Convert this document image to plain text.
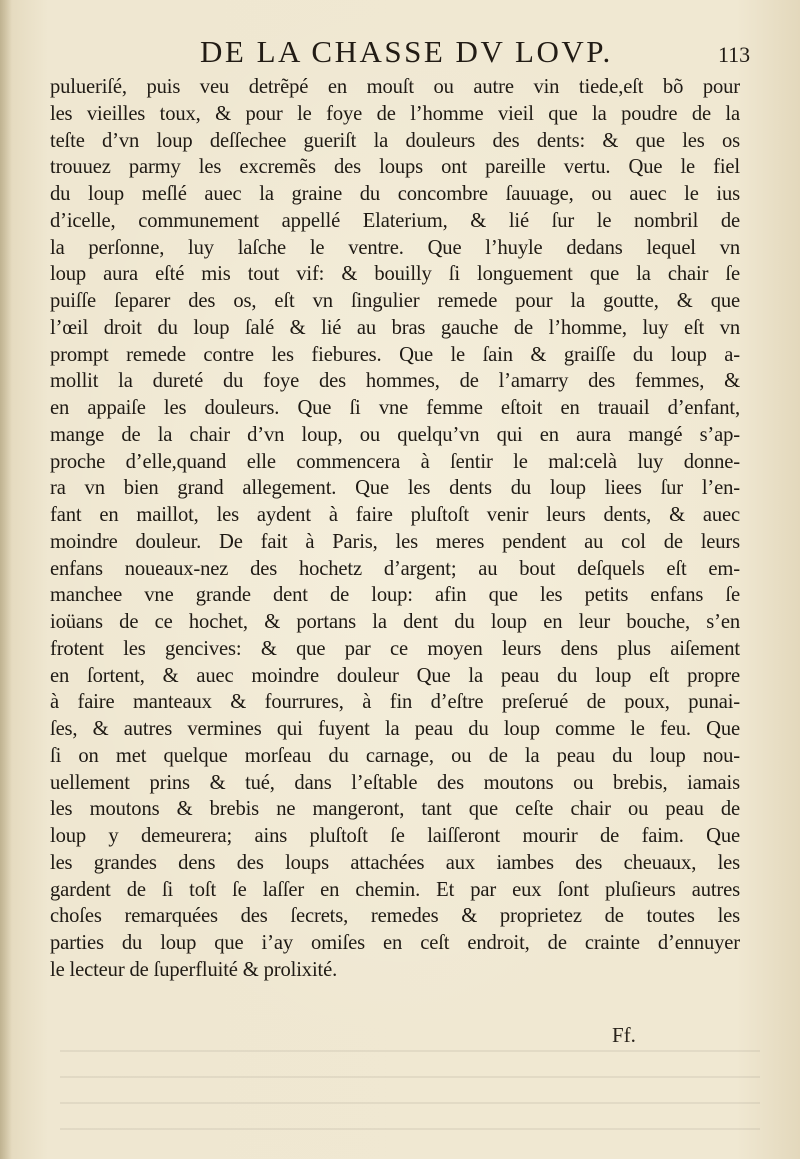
DE LA CHASSE DV LOVP.	113
pulueriſé, puis veu detrẽpé en mouſt ou autre vin tiede,eſt bõ pour
les vieilles toux, & pour le foye de l’homme vieil que la poudre de la
teſte d’vn loup deſſechee gueriſt la douleurs des dents: & que les os
trouuez parmy les excremẽs des loups ont pareille vertu. Que le fiel
du loup meſlé auec la graine du concombre ſauuage, ou auec le ius
d’icelle, communement appellé Elaterium, & lié ſur le nombril de
la perſonne, luy laſche le ventre. Que l’huyle dedans lequel vn
loup aura eſté mis tout vif: & bouilly ſi longuement que la chair ſe
puiſſe ſeparer des os, eſt vn ſingulier remede pour la goutte, & que
l’œil droit du loup ſalé & lié au bras gauche de l’homme, luy eſt vn
prompt remede contre les fiebures. Que le ſain & graiſſe du loup a-
mollit la dureté du foye des hommes, de l’amarry des femmes, &
en appaiſe les douleurs. Que ſi vne femme eſtoit en trauail d’enfant,
mange de la chair d’vn loup, ou quelqu’vn qui en aura mangé s’ap-
proche d’elle,quand elle commencera à ſentir le mal:celà luy donne-
ra vn bien grand allegement. Que les dents du loup liees ſur l’en-
fant en maillot, les aydent à faire pluſtoſt venir leurs dents, & auec
moindre douleur. De fait à Paris, les meres pendent au col de leurs
enfans noueaux-nez des hochetz d’argent; au bout deſquels eſt em-
manchee vne grande dent de loup: afin que les petits enfans ſe
ioüans de ce hochet, & portans la dent du loup en leur bouche, s’en
frotent les gencives: & que par ce moyen leurs dens plus aiſement
en ſortent, & auec moindre douleur Que la peau du loup eſt propre
à faire manteaux & fourrures, à fin d’eſtre preſerué de poux, punai-
ſes, & autres vermines qui fuyent la peau du loup comme le feu. Que
ſi on met quelque morſeau du carnage, ou de la peau du loup nou-
uellement prins & tué, dans l’eſtable des moutons ou brebis, iamais
les moutons & brebis ne mangeront, tant que ceſte chair ou peau de
loup y demeurera; ains pluſtoſt ſe laiſſeront mourir de faim. Que
les grandes dens des loups attachées aux iambes des cheuaux, les
gardent de ſi toſt ſe laſſer en chemin. Et par eux ſont pluſieurs autres
choſes remarquées des ſecrets, remedes & proprietez de toutes les
parties du loup que i’ay omiſes en ceſt endroit, de crainte d’ennuyer
le lecteur de ſuperfluité & prolixité.
Ff.
